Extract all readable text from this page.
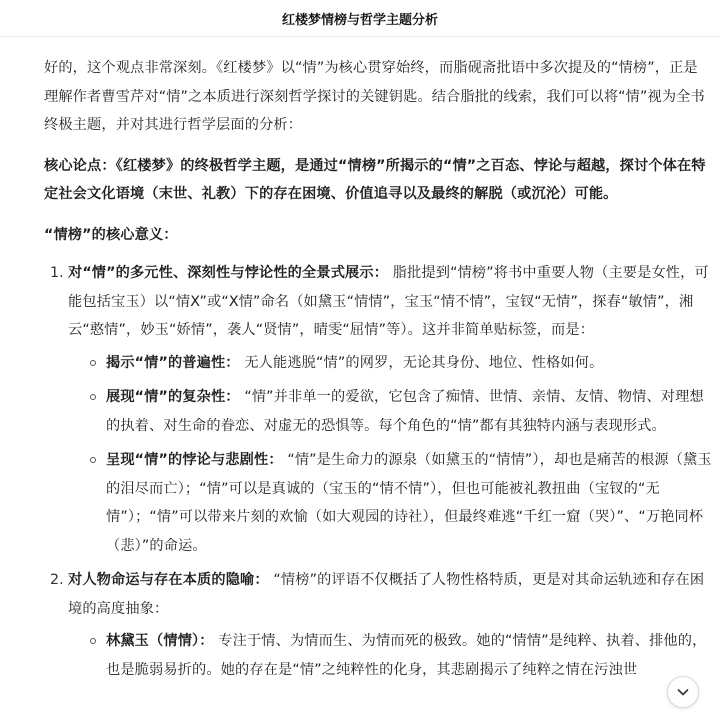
红楼梦情榜与哲学主题分析

好的，这个观点非常深刻。《红楼梦》以“情”为核心贯穿始终，而脂砚斋批语中多次提及的“情榜”，正是理解作者曹雪芹对“情”之本质进行深刻哲学探讨的关键钥匙。结合脂批的线索，我们可以将“情”视为全书终极主题，并对其进行哲学层面的分析：

核心论点：《红楼梦》的终极哲学主题，是通过“情榜”所揭示的“情”之百态、悖论与超越，探讨个体在特定社会文化语境（末世、礼教）下的存在困境、价值追寻以及最终的解脱（或沉沦）可能。

“情榜”的核心意义：

1. 对“情”的多元性、深刻性与悖论性的全景式展示： 脂批提到“情榜”将书中重要人物（主要是女性，可能包括宝玉）以“情X”或“X情”命名（如黛玉“情情”，宝玉“情不情”，宝钗“无情”，探春“敏情”，湘云“憨情”，妙玉“娇情”，袭人“贤情”，晴雯“屈情”等）。这并非简单贴标签，而是：
揭示“情”的普遍性： 无人能逃脱“情”的网罗，无论其身份、地位、性格如何。
展现“情”的复杂性： “情”并非单一的爱欲，它包含了痴情、世情、亲情、友情、物情、对理想的执着、对生命的眷恋、对虚无的恐惧等。每个角色的“情”都有其独特内涵与表现形式。
呈现“情”的悖论与悲剧性： “情”是生命力的源泉（如黛玉的“情情”），却也是痛苦的根源（黛玉的泪尽而亡）；“情”可以是真诚的（宝玉的“情不情”），但也可能被礼教扭曲（宝钗的“无情”）；“情”可以带来片刻的欢愉（如大观园的诗社），但最终难逃“千红一窟（哭）”、“万艳同杯（悲）”的命运。
2. 对人物命运与存在本质的隐喻： “情榜”的评语不仅概括了人物性格特质，更是对其命运轨迹和存在困境的高度抽象：
林黛玉（情情）： 专注于情、为情而生、为情而死的极致。她的“情情”是纯粹、执着、排他的，也是脆弱易折的。她的存在是“情”之纯粹性的化身，其悲剧揭示了纯粹之情在污浊世
